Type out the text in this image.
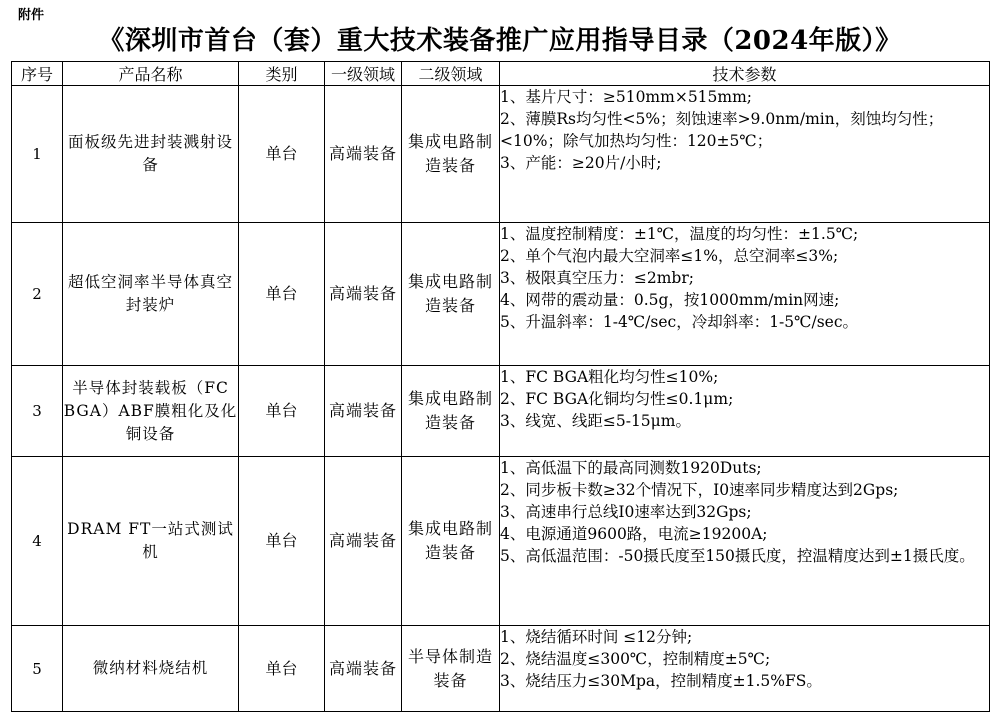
附件
《深圳市首台（套）重大技术装备推广应用指导目录（2024年版）》
序号	产品名称	类别	一级领域	二级领域	技术参数
1	面板级先进封装溅射设备	单台	高端装备	集成电路制造装备	1、基片尺寸：≥510mm×515mm;
2、薄膜Rs均匀性<5%；刻蚀速率>9.0nm/min，刻蚀均匀性；<10%；除气加热均匀性：120±5℃；
3、产能：≥20片/小时;

2	超低空洞率半导体真空封装炉	单台	高端装备	集成电路制造装备	1、温度控制精度：±1℃，温度的均匀性：±1.5℃;
2、单个气泡内最大空洞率≤1%，总空洞率≤3%;
3、极限真空压力：≤2mbr;
4、网带的震动量：0.5g，按1000mm/min网速;
5、升温斜率：1-4℃/sec，冷却斜率：1-5℃/sec。

3	半导体封装载板（FC BGA）ABF膜粗化及化铜设备	单台	高端装备	集成电路制造装备	1、FC BGA粗化均匀性≤10%;
2、FC BGA化铜均匀性≤0.1μm;
3、线宽、线距≤5-15μm。

4	DRAM FT一站式测试机	单台	高端装备	集成电路制造装备	1、高低温下的最高同测数1920Duts;
2、同步板卡数≥32个情况下，I0速率同步精度达到2Gps;
3、高速串行总线I0速率达到32Gps;
4、电源通道9600路，电流≥19200A;
5、高低温范围：-50摄氏度至150摄氏度，控温精度达到±1摄氏度。

5	微纳材料烧结机	单台	高端装备	半导体制造装备	1、烧结循环时间 ≤12分钟;
2、烧结温度≤300℃，控制精度±5℃;
3、烧结压力≤30Mpa，控制精度±1.5%FS。
